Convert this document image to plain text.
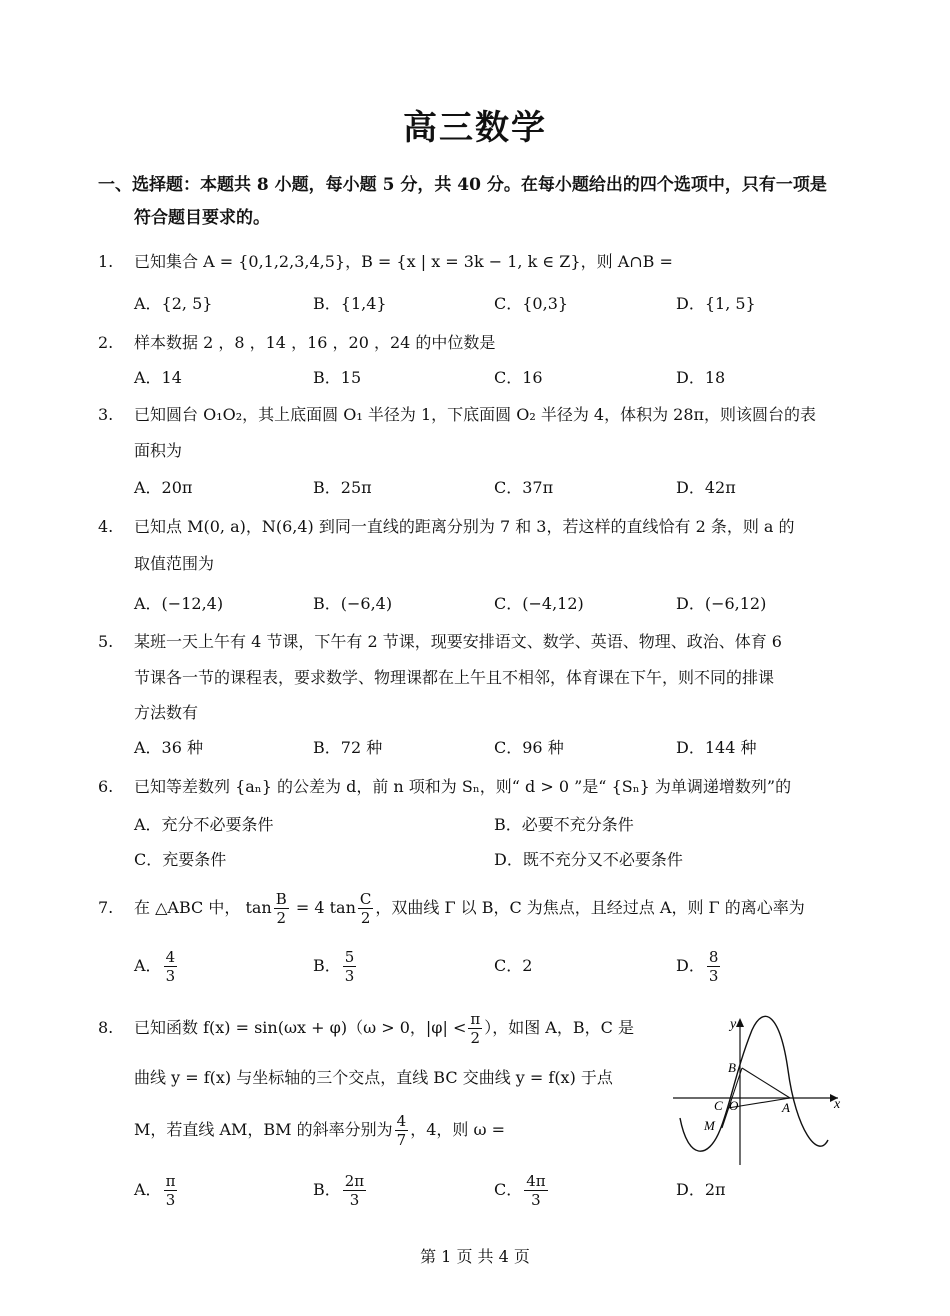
高三数学
一、选择题：本题共 8 小题，每小题 5 分，共 40 分。在每小题给出的四个选项中，只有一项是
符合题目要求的。
1. 已知集合 A = {0,1,2,3,4,5}，B = {x | x = 3k − 1, k ∈ Z}，则 A∩B =
A．{2, 5}	B．{1,4}	C．{0,3}	D．{1, 5}
2. 样本数据 2 ，8 ，14 ，16 ，20 ，24 的中位数是
A．14	B．15	C．16	D．18
3. 已知圆台 O₁O₂，其上底面圆 O₁ 半径为 1，下底面圆 O₂ 半径为 4，体积为 28π，则该圆台的表
面积为
A．20π	B．25π	C．37π	D．42π
4. 已知点 M(0, a)，N(6,4) 到同一直线的距离分别为 7 和 3，若这样的直线恰有 2 条，则 a 的
取值范围为
A．(−12,4)	B．(−6,4)	C．(−4,12)	D．(−6,12)
5. 某班一天上午有 4 节课，下午有 2 节课，现要安排语文、数学、英语、物理、政治、体育 6
节课各一节的课程表，要求数学、物理课都在上午且不相邻，体育课在下午，则不同的排课
方法数有
A．36 种	B．72 种	C．96 种	D．144 种
6. 已知等差数列 {aₙ} 的公差为 d，前 n 项和为 Sₙ，则“ d > 0 ”是“ {Sₙ} 为单调递增数列”的
A．充分不必要条件	B．必要不充分条件
C．充要条件	D．既不充分又不必要条件
7. 在 △ABC 中， $\tan \frac{B}{2} = 4$ $\tan \frac{C}{2}$ ，双曲线 Γ 以 B，C 为焦点，且经过点 A，则 Γ 的离心率为
A． $\frac{4}{3}$	B． $\frac{5}{3}$	C．2	D． $\frac{8}{3}$
8. 已知函数 f(x) = sin(ωx + φ)（ω > 0，$|\varphi| < \frac{\pi}{2}$ ），如图 A，B，C 是
曲线 y = f(x) 与坐标轴的三个交点，直线 BC 交曲线 y = f(x) 于点
M，若直线 AM，BM 的斜率分别为 $\frac{4}{7}$ ，4，则 ω =
A． $\frac{\pi}{3}$	B． $\frac{2\pi}{3}$	C． $\frac{4\pi}{3}$	D．2π
y
x
B
C O	A
M
第 1 页 共 4 页
